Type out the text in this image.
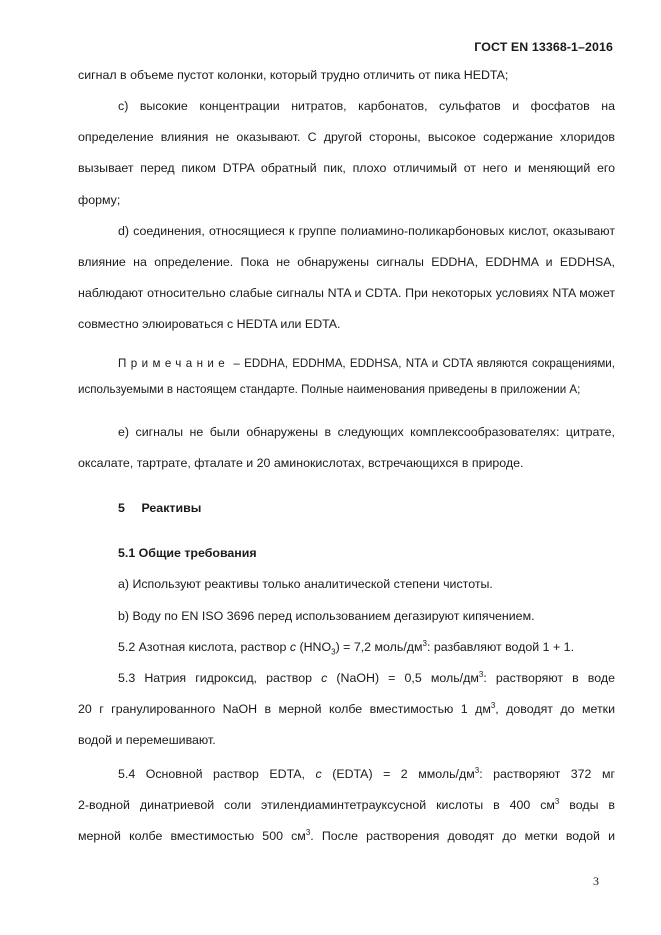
ГОСТ EN 13368-1–2016

сигнал в объеме пустот колонки, который трудно отличить от пика HEDTA;

c) высокие концентрации нитратов, карбонатов, сульфатов и фосфатов на определение влияния не оказывают. С другой стороны, высокое содержание хлоридов вызывает перед пиком DTPA обратный пик, плохо отличимый от него и меняющий его форму;

d) соединения, относящиеся к группе полиамино-поликарбоновых кислот, оказывают влияние на определение. Пока не обнаружены сигналы EDDHA, EDDHMA и EDDHSA, наблюдают относительно слабые сигналы NTA и CDTA. При некоторых условиях NTA может совместно элюироваться с HEDTA или EDTA.

Примечание – EDDHA, EDDHMA, EDDHSA, NTA и CDTA являются сокращениями, используемыми в настоящем стандарте. Полные наименования приведены в приложении А;

e) сигналы не были обнаружены в следующих комплексообразователях: цитрате, оксалате, тартрате, фталате и 20 аминокислотах, встречающихся в природе.

5 Реактивы

5.1 Общие требования

a) Используют реактивы только аналитической степени чистоты.

b) Воду по EN ISO 3696 перед использованием дегазируют кипячением.

5.2 Азотная кислота, раствор c $(HNO_3) = 7,2$ моль/$дм^3$: разбавляют водой 1 + 1.

5.3 Натрия гидроксид, раствор c (NaOH) = 0,5 моль/$дм^3$: растворяют в воде

20 г гранулированного NaOH в мерной колбе вместимостью 1 $дм^3$, доводят до метки

водой и перемешивают.

5.4 Основной раствор EDTA, c (EDTA) = 2 ммоль/$дм^3$: растворяют 372 мг

2-водной динатриевой соли этилендиаминтетрауксусной кислоты в 400 $см^3$ воды в

мерной колбе вместимостью 500 $см^3$. После растворения доводят до метки водой и

3
